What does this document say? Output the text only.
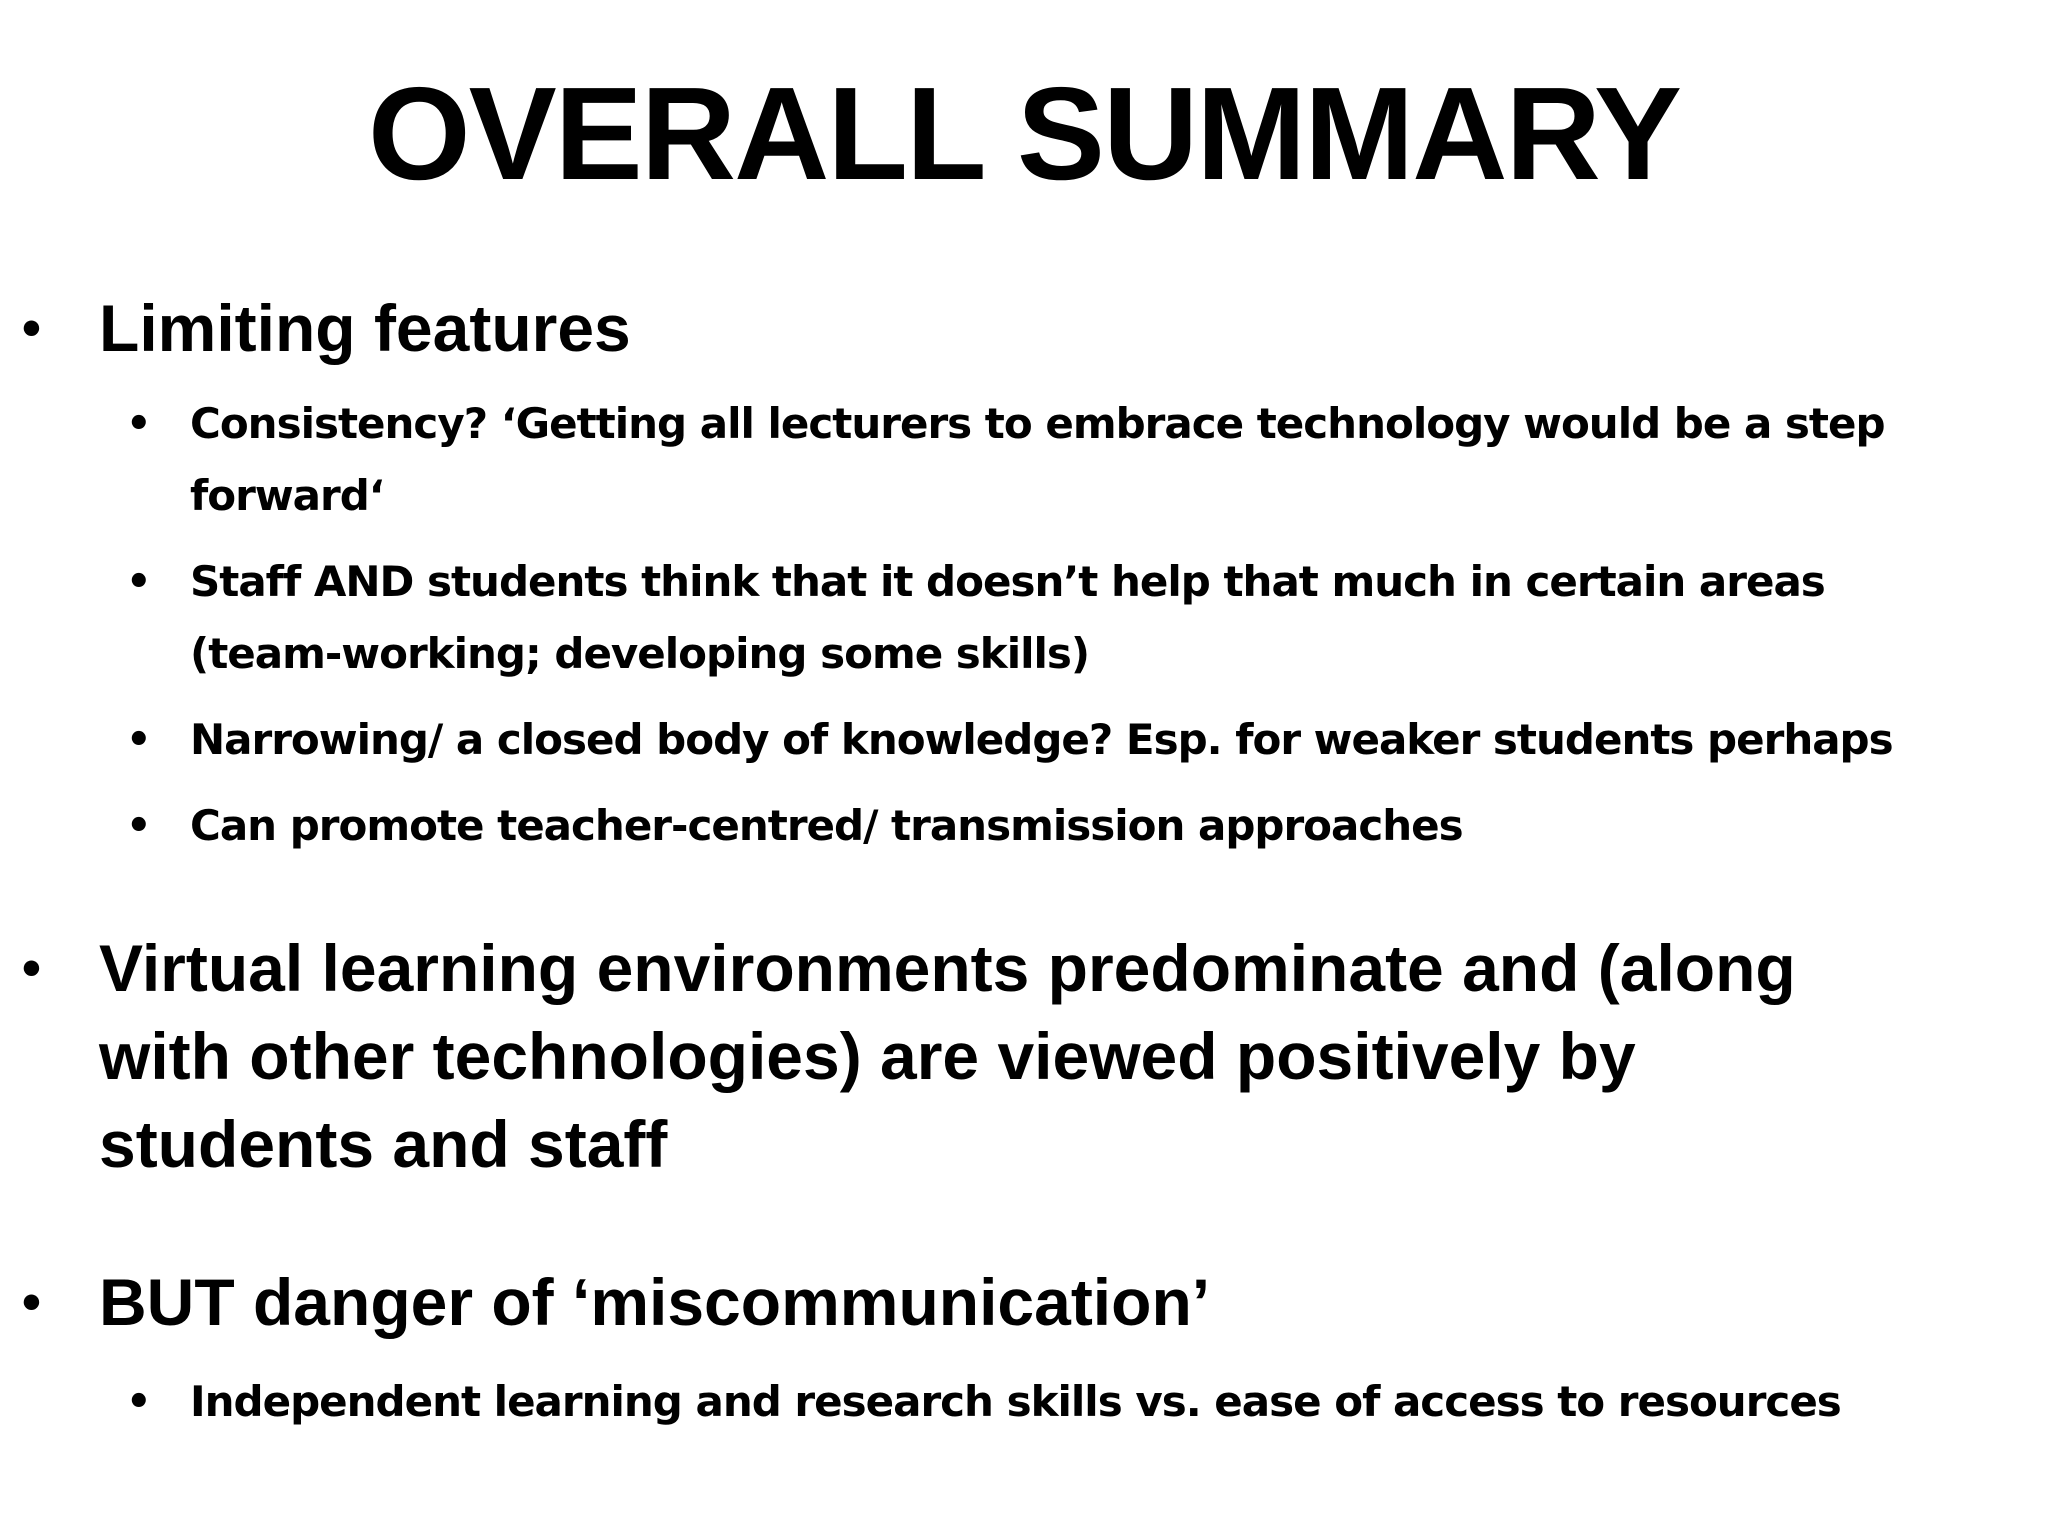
OVERALL SUMMARY
• Limiting features
• Consistency? ‘Getting all lecturers to embrace technology would be a step forward‘
• Staff AND students think that it doesn’t help that much in certain areas (team-working; developing some skills)
• Narrowing/ a closed body of knowledge? Esp. for weaker students perhaps
• Can promote teacher-centred/ transmission approaches
• Virtual learning environments predominate and (along with other technologies) are viewed positively by students and staff
• BUT danger of ‘miscommunication’
• Independent learning and research skills vs. ease of access to resources
